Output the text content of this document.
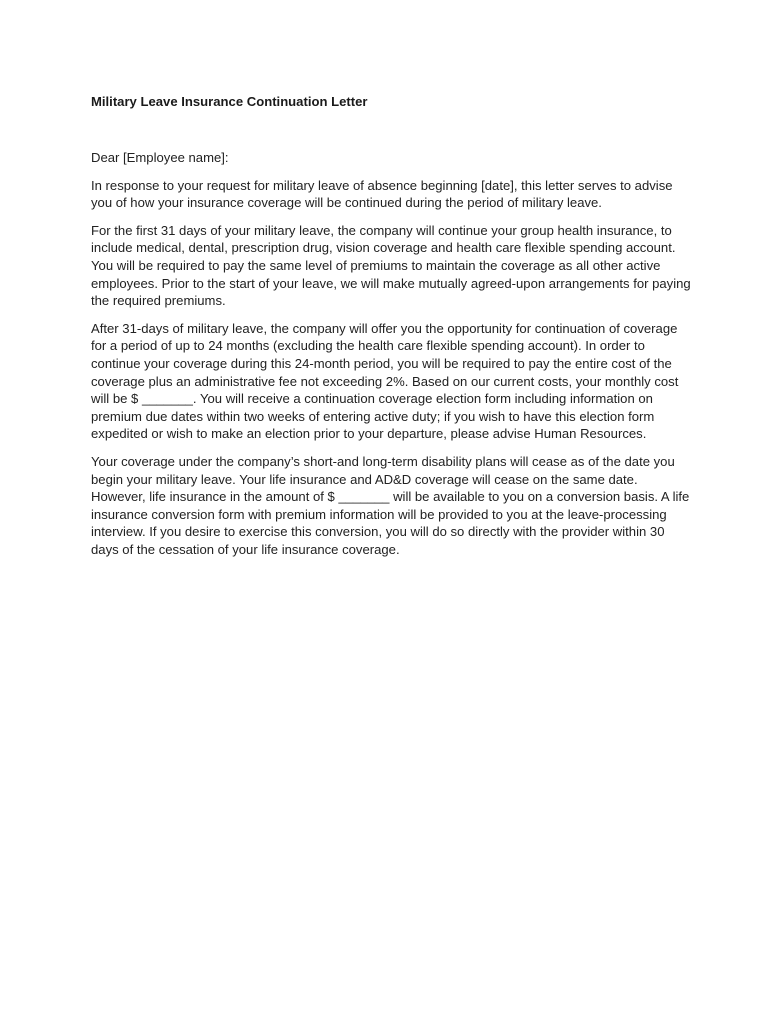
Military Leave Insurance Continuation Letter
Dear [Employee name]:

In response to your request for military leave of absence beginning [date], this letter serves to advise you of how your insurance coverage will be continued during the period of military leave.

For the first 31 days of your military leave, the company will continue your group health insurance, to include medical, dental, prescription drug, vision coverage and health care flexible spending account. You will be required to pay the same level of premiums to maintain the coverage as all other active employees. Prior to the start of your leave, we will make mutually agreed-upon arrangements for paying the required premiums.

After 31-days of military leave, the company will offer you the opportunity for continuation of coverage for a period of up to 24 months (excluding the health care flexible spending account). In order to continue your coverage during this 24-month period, you will be required to pay the entire cost of the coverage plus an administrative fee not exceeding 2%. Based on our current costs, your monthly cost will be $ _______. You will receive a continuation coverage election form including information on premium due dates within two weeks of entering active duty; if you wish to have this election form expedited or wish to make an election prior to your departure, please advise Human Resources.

Your coverage under the company’s short-and long-term disability plans will cease as of the date you begin your military leave. Your life insurance and AD&D coverage will cease on the same date. However, life insurance in the amount of $ _______ will be available to you on a conversion basis. A life insurance conversion form with premium information will be provided to you at the leave-processing interview. If you desire to exercise this conversion, you will do so directly with the provider within 30 days of the cessation of your life insurance coverage.
